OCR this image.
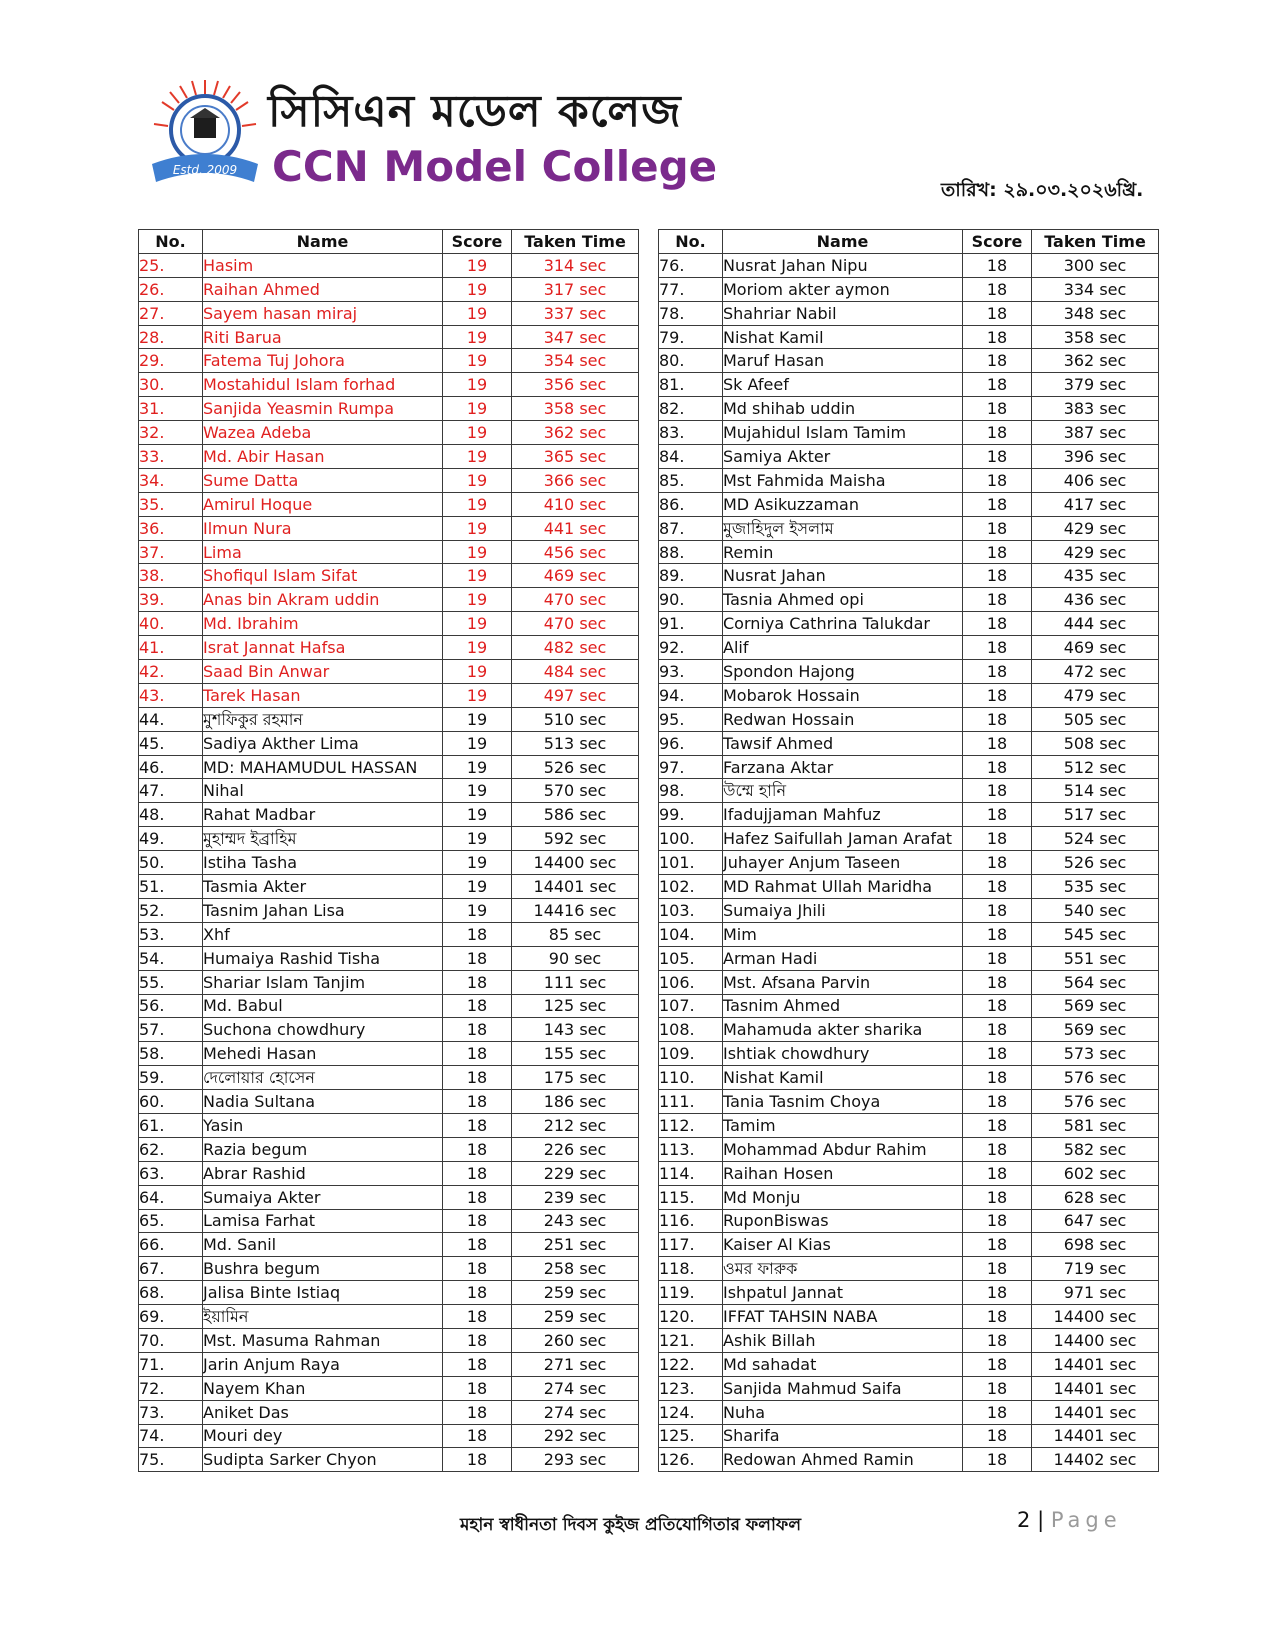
Estd. 2009
সিসিএন মডেল কলেজ
CCN Model College	তারিখ: ২৯.০৩.২০২৬খ্রি.
No.	Name	Score	Taken Time
25.	Hasim	19	314 sec
26.	Raihan Ahmed	19	317 sec
27.	Sayem hasan miraj	19	337 sec
28.	Riti Barua	19	347 sec
29.	Fatema Tuj Johora	19	354 sec
30.	Mostahidul Islam forhad	19	356 sec
31.	Sanjida Yeasmin Rumpa	19	358 sec
32.	Wazea Adeba	19	362 sec
33.	Md. Abir Hasan	19	365 sec
34.	Sume Datta	19	366 sec
35.	Amirul Hoque	19	410 sec
36.	Ilmun Nura	19	441 sec
37.	Lima	19	456 sec
38.	Shofiqul Islam Sifat	19	469 sec
39.	Anas bin Akram uddin	19	470 sec
40.	Md. Ibrahim	19	470 sec
41.	Israt Jannat Hafsa	19	482 sec
42.	Saad Bin Anwar	19	484 sec
43.	Tarek Hasan	19	497 sec
44.	মুশফিকুর রহমান	19	510 sec
45.	Sadiya Akther Lima	19	513 sec
46.	MD: MAHAMUDUL HASSAN	19	526 sec
47.	Nihal	19	570 sec
48.	Rahat Madbar	19	586 sec
49.	মুহাম্মদ ইব্রাহিম	19	592 sec
50.	Istiha Tasha	19	14400 sec
51.	Tasmia Akter	19	14401 sec
52.	Tasnim Jahan Lisa	19	14416 sec
53.	Xhf	18	85 sec
54.	Humaiya Rashid Tisha	18	90 sec
55.	Shariar Islam Tanjim	18	111 sec
56.	Md. Babul	18	125 sec
57.	Suchona chowdhury	18	143 sec
58.	Mehedi Hasan	18	155 sec
59.	দেলোয়ার হোসেন	18	175 sec
60.	Nadia Sultana	18	186 sec
61.	Yasin	18	212 sec
62.	Razia begum	18	226 sec
63.	Abrar Rashid	18	229 sec
64.	Sumaiya Akter	18	239 sec
65.	Lamisa Farhat	18	243 sec
66.	Md. Sanil	18	251 sec
67.	Bushra begum	18	258 sec
68.	Jalisa Binte Istiaq	18	259 sec
69.	ইয়ামিন	18	259 sec
70.	Mst. Masuma Rahman	18	260 sec
71.	Jarin Anjum Raya	18	271 sec
72.	Nayem Khan	18	274 sec
73.	Aniket Das	18	274 sec
74.	Mouri dey	18	292 sec
75.	Sudipta Sarker Chyon	18	293 sec
No.	Name	Score	Taken Time
76.	Nusrat Jahan Nipu	18	300 sec
77.	Moriom akter aymon	18	334 sec
78.	Shahriar Nabil	18	348 sec
79.	Nishat Kamil	18	358 sec
80.	Maruf Hasan	18	362 sec
81.	Sk Afeef	18	379 sec
82.	Md shihab uddin	18	383 sec
83.	Mujahidul Islam Tamim	18	387 sec
84.	Samiya Akter	18	396 sec
85.	Mst Fahmida Maisha	18	406 sec
86.	MD Asikuzzaman	18	417 sec
87.	মুজাহিদুল ইসলাম	18	429 sec
88.	Remin	18	429 sec
89.	Nusrat Jahan	18	435 sec
90.	Tasnia Ahmed opi	18	436 sec
91.	Corniya Cathrina Talukdar	18	444 sec
92.	Alif	18	469 sec
93.	Spondon Hajong	18	472 sec
94.	Mobarok Hossain	18	479 sec
95.	Redwan Hossain	18	505 sec
96.	Tawsif Ahmed	18	508 sec
97.	Farzana Aktar	18	512 sec
98.	উম্মে হানি	18	514 sec
99.	Ifadujjaman Mahfuz	18	517 sec
100.	Hafez Saifullah Jaman Arafat	18	524 sec
101.	Juhayer Anjum Taseen	18	526 sec
102.	MD Rahmat Ullah Maridha	18	535 sec
103.	Sumaiya Jhili	18	540 sec
104.	Mim	18	545 sec
105.	Arman Hadi	18	551 sec
106.	Mst. Afsana Parvin	18	564 sec
107.	Tasnim Ahmed	18	569 sec
108.	Mahamuda akter sharika	18	569 sec
109.	Ishtiak chowdhury	18	573 sec
110.	Nishat Kamil	18	576 sec
111.	Tania Tasnim Choya	18	576 sec
112.	Tamim	18	581 sec
113.	Mohammad Abdur Rahim	18	582 sec
114.	Raihan Hosen	18	602 sec
115.	Md Monju	18	628 sec
116.	RuponBiswas	18	647 sec
117.	Kaiser Al Kias	18	698 sec
118.	ওমর ফারুক	18	719 sec
119.	Ishpatul Jannat	18	971 sec
120.	IFFAT TAHSIN NABA	18	14400 sec
121.	Ashik Billah	18	14400 sec
122.	Md sahadat	18	14401 sec
123.	Sanjida Mahmud Saifa	18	14401 sec
124.	Nuha	18	14401 sec
125.	Sharifa	18	14401 sec
126.	Redowan Ahmed Ramin	18	14402 sec
মহান স্বাধীনতা দিবস কুইজ প্রতিযোগিতার ফলাফল	2 | Page
